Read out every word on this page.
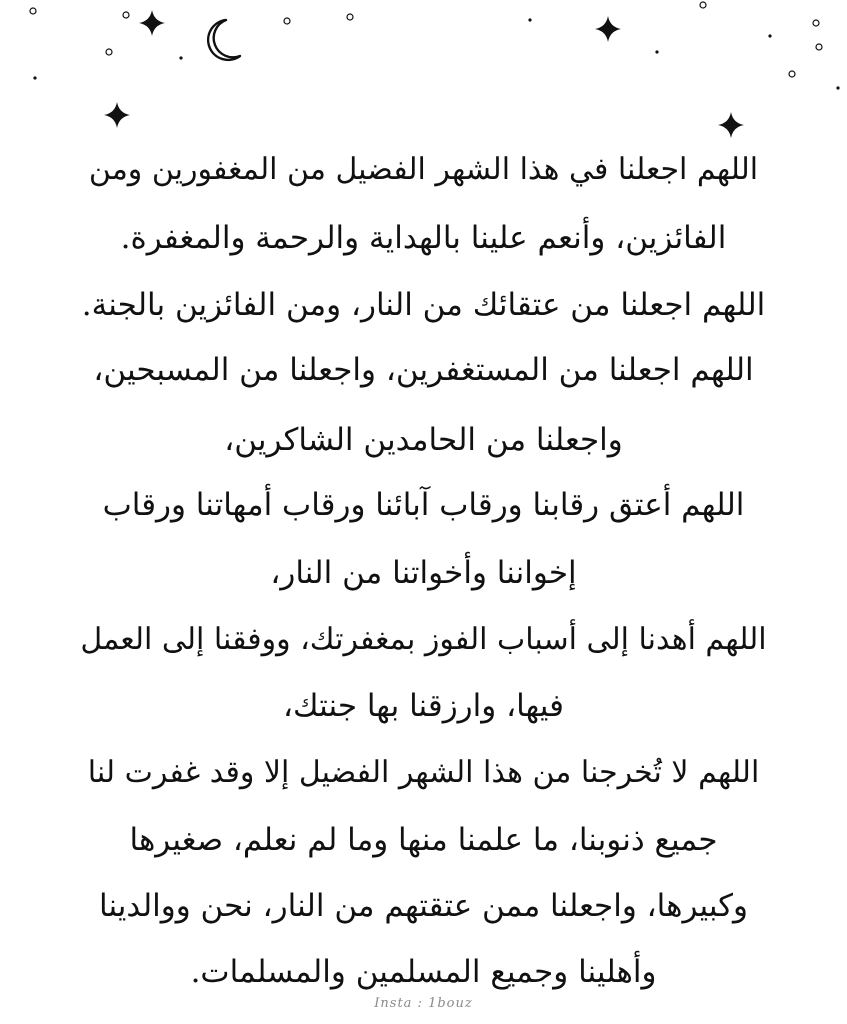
اللهم اجعلنا في هذا الشهر الفضيل من المغفورين ومن
الفائزين، وأنعم علينا بالهداية والرحمة والمغفرة.
اللهم اجعلنا من عتقائك من النار، ومن الفائزين بالجنة.
اللهم اجعلنا من المستغفرين، واجعلنا من المسبحين،
واجعلنا من الحامدين الشاكرين،
اللهم أعتق رقابنا ورقاب آبائنا ورقاب أمهاتنا ورقاب
إخواننا وأخواتنا من النار،
اللهم أهدنا إلى أسباب الفوز بمغفرتك، ووفقنا إلى العمل
فيها، وارزقنا بها جنتك،
اللهم لا تُخرجنا من هذا الشهر الفضيل إلا وقد غفرت لنا
جميع ذنوبنا، ما علمنا منها وما لم نعلم، صغيرها
وكبيرها، واجعلنا ممن عتقتهم من النار، نحن ووالدينا
وأهلينا وجميع المسلمين والمسلمات.
Insta : 1bouz
